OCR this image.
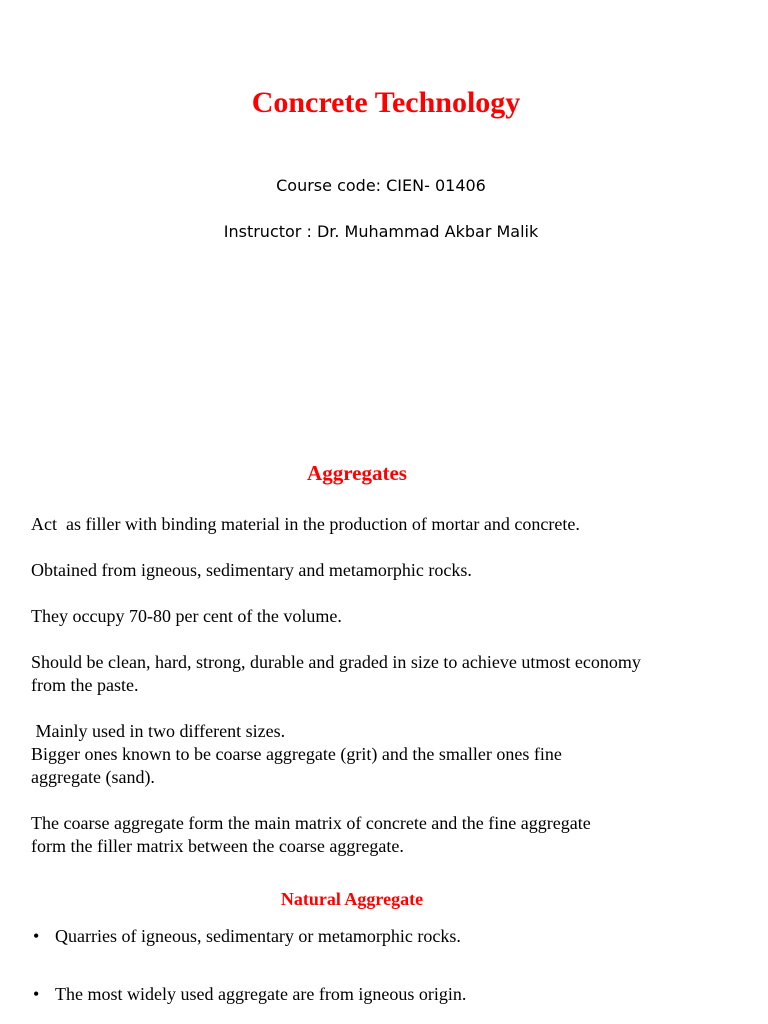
Concrete Technology

Course code: CIEN- 01406

Instructor : Dr. Muhammad Akbar Malik

Aggregates

Act  as filler with binding material in the production of mortar and concrete.

Obtained from igneous, sedimentary and metamorphic rocks.

They occupy 70-80 per cent of the volume.

Should be clean, hard, strong, durable and graded in size to achieve utmost economy
from the paste.

Mainly used in two different sizes.
Bigger ones known to be coarse aggregate (grit) and the smaller ones fine
aggregate (sand).

The coarse aggregate form the main matrix of concrete and the fine aggregate
form the filler matrix between the coarse aggregate.

Natural Aggregate
• Quarries of igneous, sedimentary or metamorphic rocks.
• The most widely used aggregate are from igneous origin.
